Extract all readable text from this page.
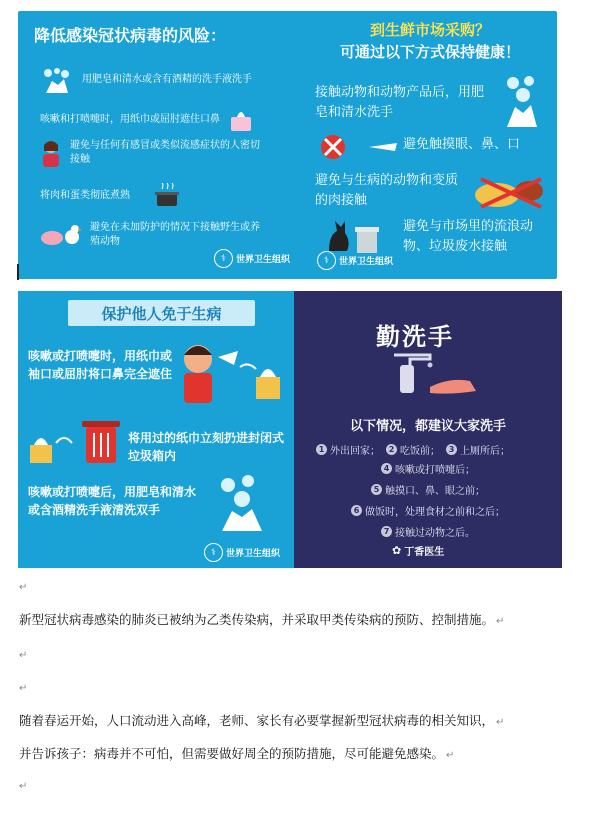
降低感染冠状病毒的风险：
用肥皂和清水或含有酒精的洗手液洗手
咳嗽和打喷嚏时，用纸巾或屈肘遮住口鼻
避免与任何有感冒或类似流感症状的人密切接触
将肉和蛋类彻底煮熟
避免在未加防护的情况下接触野生或养殖动物
⚕	世界卫生组织
到生鲜市场采购？
可通过以下方式保持健康！
接触动物和动物产品后，用肥皂和清水洗手
避免触摸眼、鼻、口
避免与生病的动物和变质的肉接触
避免与市场里的流浪动物、垃圾废水接触
⚕	世界卫生组织
保护他人免于生病
咳嗽或打喷嚏时，用纸巾或袖口或屈肘将口鼻完全遮住
将用过的纸巾立刻扔进封闭式垃圾箱内
咳嗽或打喷嚏后，用肥皂和清水或含酒精洗手液清洗双手
⚕	世界卫生组织
勤洗手
以下情况，都建议大家洗手
1 外出回家；	2 吃饭前；	3 上厕所后；
4 咳嗽或打喷嚏后；
5 触摸口、鼻、眼之前；
6 做饭时，处理食材之前和之后；
7 接触过动物之后。
✿ 丁香医生
↵
新型冠状病毒感染的肺炎已被纳为乙类传染病，并采取甲类传染病的预防、控制措施。 ↵
↵
↵
随着春运开始，人口流动进入高峰，老师、家长有必要掌握新型冠状病毒的相关知识， ↵
并告诉孩子：病毒并不可怕，但需要做好周全的预防措施，尽可能避免感染。 ↵
↵
